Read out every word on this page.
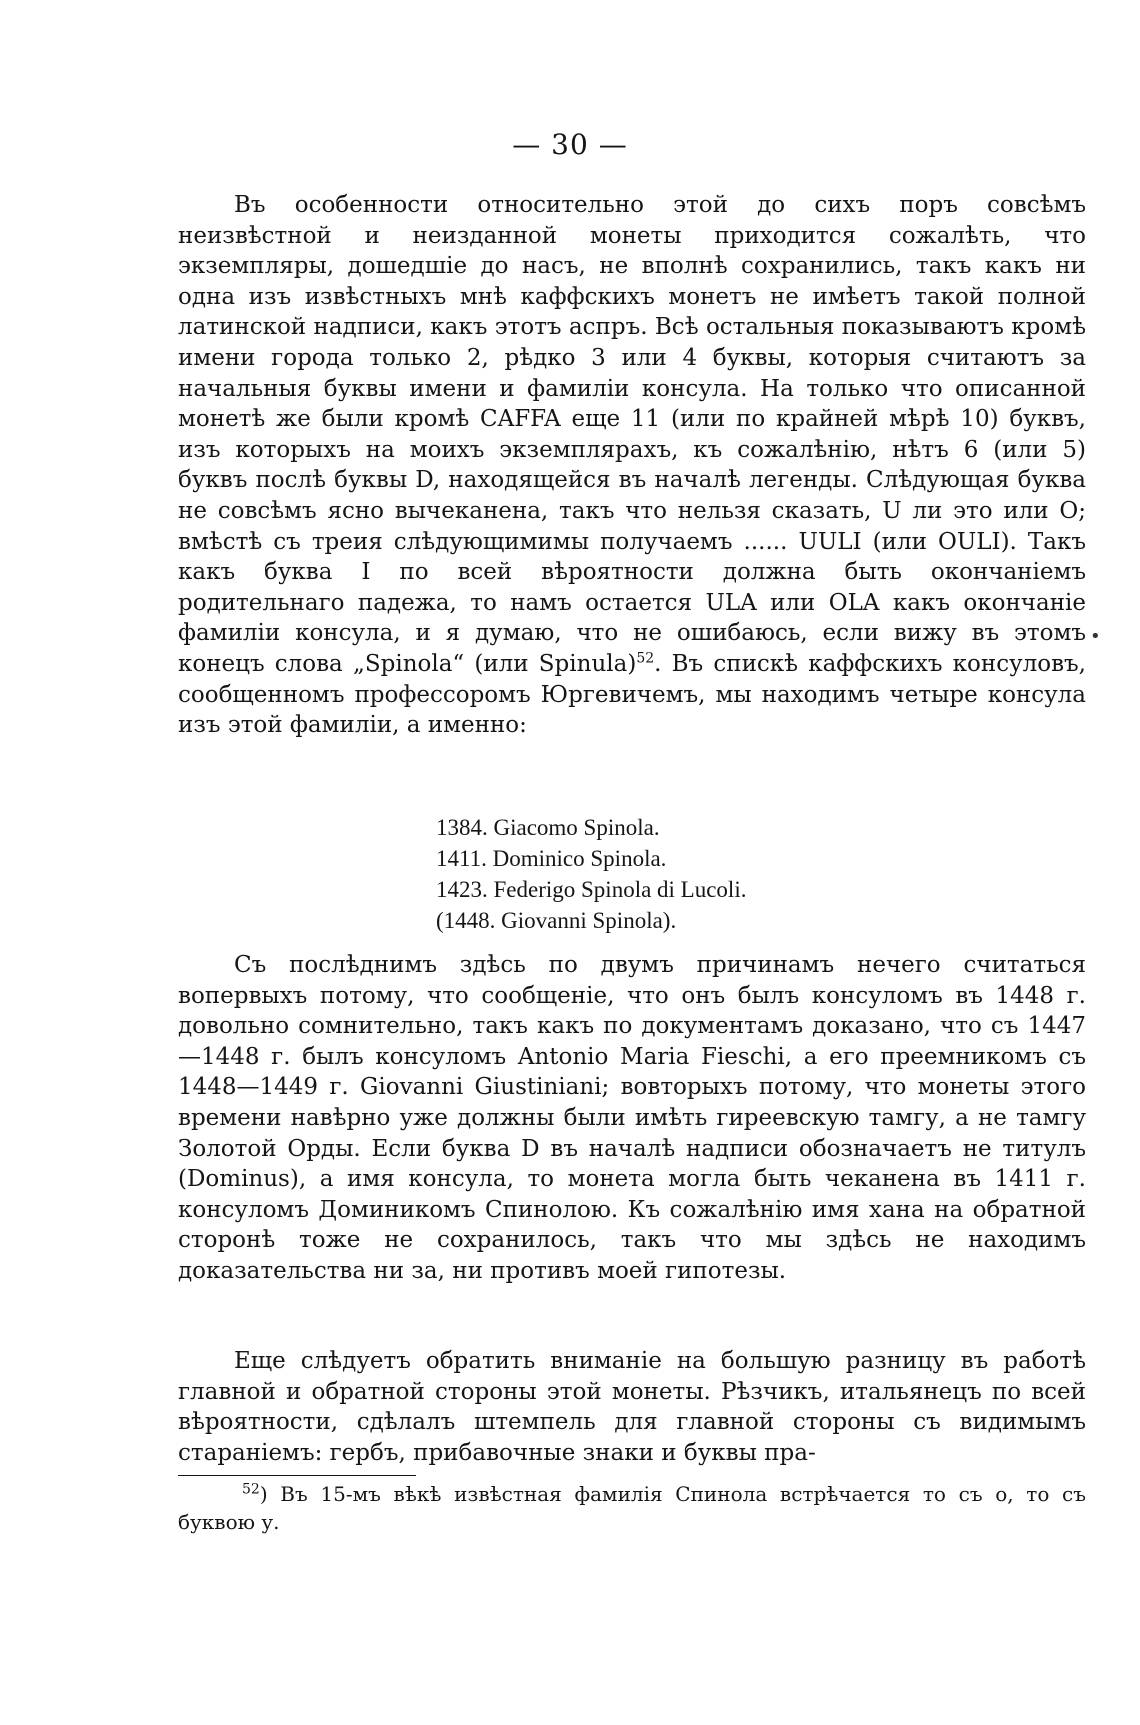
— 30 —

Въ особенности относительно этой до сихъ поръ совсѣмъ неизвѣстной и неизданной монеты приходится сожалѣть, что экземпляры, дошедшіе до насъ, не вполнѣ сохранились, такъ какъ ни одна изъ извѣстныхъ мнѣ каффскихъ монетъ не имѣетъ такой полной латинской надписи, какъ этотъ аспръ. Всѣ остальныя показываютъ кромѣ имени города только 2, рѣдко 3 или 4 буквы, которыя считаютъ за начальныя буквы имени и фамиліи консула. На только что описанной монетѣ же были кромѣ CAFFA еще 11 (или по крайней мѣрѣ 10) буквъ, изъ которыхъ на моихъ экземплярахъ, къ сожалѣнію, нѣтъ 6 (или 5) буквъ послѣ буквы D, находящейся въ началѣ легенды. Слѣдующая буква не совсѣмъ ясно вычеканена, такъ что нельзя сказать, U ли это или O; вмѣстѣ съ треия слѣдующимимы получаемъ ...... UULI (или OULI). Такъ какъ буква I по всей вѣроятности должна быть окончаніемъ родительнаго падежа, то намъ остается ULA или OLA какъ окончаніе фамиліи консула, и я думаю, что не ошибаюсь, если вижу въ этомъ конецъ слова „Spinola“ (или Spinula)$^{52}$. Въ спискѣ каффскихъ консуловъ, сообщенномъ профессоромъ Юргевичемъ, мы находимъ четыре консула изъ этой фамиліи, а именно:

1384. Giacomo Spinola.
1411. Dominico Spinola.
1423. Federigo Spinola di Lucoli.
(1448. Giovanni Spinola).

Съ послѣднимъ здѣсь по двумъ причинамъ нечего считаться вопервыхъ потому, что сообщеніе, что онъ былъ консуломъ въ 1448 г. довольно сомнительно, такъ какъ по документамъ доказано, что съ 1447—1448 г. былъ консуломъ Antonio Maria Fieschi, а его преемникомъ съ 1448—1449 г. Giovanni Giustiniani; вовторыхъ потому, что монеты этого времени навѣрно уже должны были имѣть гиреевскую тамгу, а не тамгу Золотой Орды. Если буква D въ началѣ надписи обозначаетъ не титулъ (Dominus), а имя консула, то монета могла быть чеканена въ 1411 г. консуломъ Доминикомъ Спинолою. Къ сожалѣнію имя хана на обратной сторонѣ тоже не сохранилось, такъ что мы здѣсь не находимъ доказательства ни за, ни противъ моей гипотезы.

Еще слѣдуетъ обратить вниманіе на большую разницу въ работѣ главной и обратной стороны этой монеты. Рѣзчикъ, итальянецъ по всей вѣроятности, сдѣлалъ штемпель для главной стороны съ видимымъ стараніемъ: гербъ, прибавочные знаки и буквы пра-

$^{52}$) Въ 15-мъ вѣкѣ извѣстная фамилія Спинола встрѣчается то съ о, то съ буквою у.

•
